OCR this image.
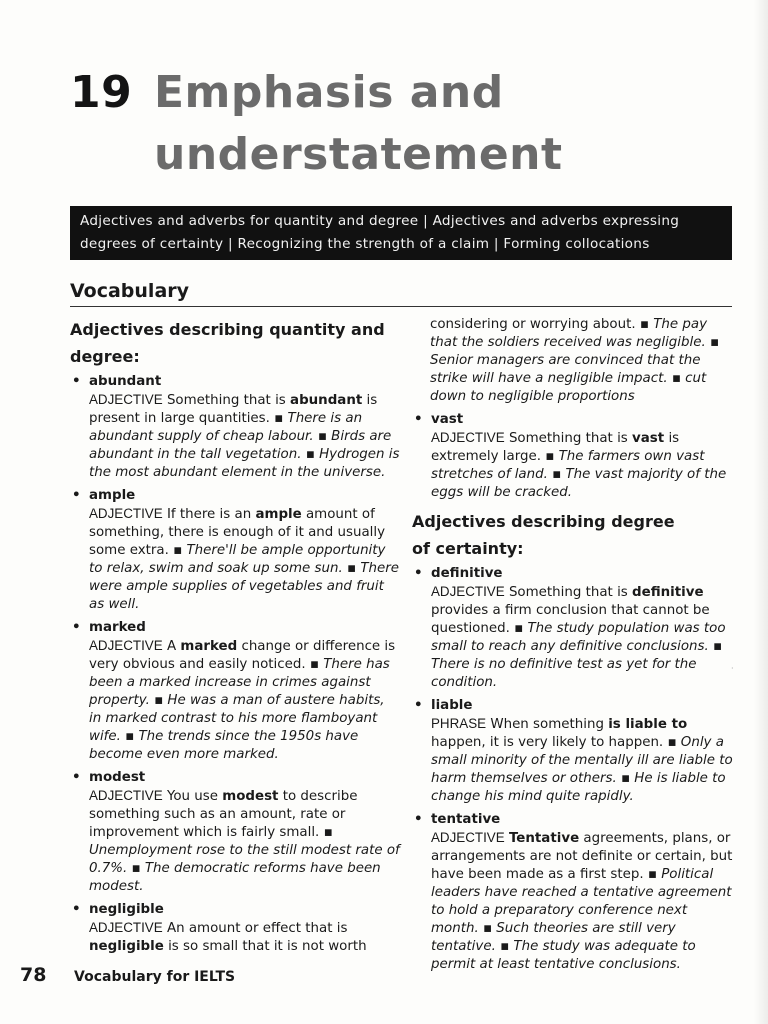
19 Emphasis and
understatement
Adjectives and adverbs for quantity and degree | Adjectives and adverbs expressing
degrees of certainty | Recognizing the strength of a claim | Forming collocations
Vocabulary
Adjectives describing quantity and
degree:
• abundant
ADJECTIVE Something that is abundant is present in large quantities. ▪ There is an abundant supply of cheap labour. ▪ Birds are abundant in the tall vegetation. ▪ Hydrogen is the most abundant element in the universe.
• ample
ADJECTIVE If there is an ample amount of something, there is enough of it and usually some extra. ▪ There'll be ample opportunity to relax, swim and soak up some sun. ▪ There were ample supplies of vegetables and fruit as well.
• marked
ADJECTIVE A marked change or difference is very obvious and easily noticed. ▪ There has been a marked increase in crimes against property. ▪ He was a man of austere habits, in marked contrast to his more flamboyant wife. ▪ The trends since the 1950s have become even more marked.
• modest
ADJECTIVE You use modest to describe something such as an amount, rate or improvement which is fairly small. ▪ Unemployment rose to the still modest rate of 0.7%. ▪ The democratic reforms have been modest.
• negligible
ADJECTIVE An amount or effect that is negligible is so small that it is not worth
considering or worrying about. ▪ The pay that the soldiers received was negligible. ▪ Senior managers are convinced that the strike will have a negligible impact. ▪ cut down to negligible proportions
• vast
ADJECTIVE Something that is vast is extremely large. ▪ The farmers own vast stretches of land. ▪ The vast majority of the eggs will be cracked.
Adjectives describing degree
of certainty:
• definitive
ADJECTIVE Something that is definitive provides a firm conclusion that cannot be questioned. ▪ The study population was too small to reach any definitive conclusions. ▪ There is no definitive test as yet for the condition.
• liable
PHRASE When something is liable to happen, it is very likely to happen. ▪ Only a small minority of the mentally ill are liable to harm themselves or others. ▪ He is liable to change his mind quite rapidly.
• tentative
ADJECTIVE Tentative agreements, plans, or arrangements are not definite or certain, but have been made as a first step. ▪ Political leaders have reached a tentative agreement to hold a preparatory conference next month. ▪ Such theories are still very tentative. ▪ The study was adequate to permit at least tentative conclusions.
·
78 Vocabulary for IELTS
